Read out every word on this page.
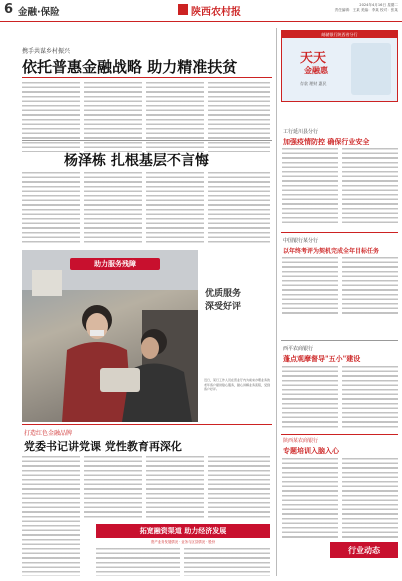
6 金融·保险	陕西农村报
2024年4月16日 星期二
责任编辑：王某 美编：李某 校对：张某
携手共谋乡村振兴
依托普惠金融战略 助力精准扶贫
杨泽栋 扎根基层不言悔
助力服务残障
优质服务
深受好评
近日，某行工作人员在营业厅内为前来办理业务的老年客户提供贴心服务，耐心讲解业务流程，受到客户好评。
打造红色金融品牌
党委书记讲党课 党性教育再深化
拓宽融资渠道 助力经济发展
资产业务发展情况 · 业务与区县情况 · 股份
邮储银行陕西省分行
天天
金融惠
存款 理财 惠民
工行延川县分行
加强疫情防控 确保行业安全
中国银行某分行
以年终考评为契机完成全年目标任务
西平农商银行
蓬点观摩督导"五小"建设
陕西某农商银行
专题培训入脑入心
行业动态
